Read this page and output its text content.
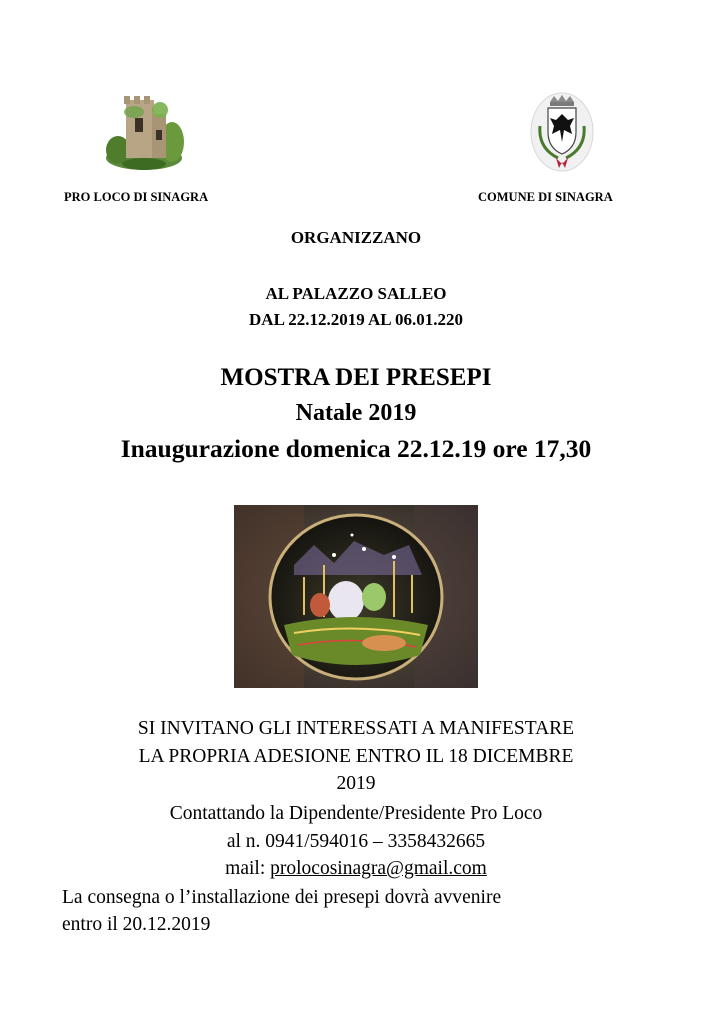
PRO LOCO DI SINAGRA	COMUNE DI SINAGRA
ORGANIZZANO
AL PALAZZO SALLEO
DAL 22.12.2019 AL 06.01.220
MOSTRA DEI PRESEPI
Natale 2019
Inaugurazione domenica 22.12.19 ore 17,30
SI INVITANO GLI INTERESSATI A MANIFESTARE
LA PROPRIA ADESIONE ENTRO IL 18 DICEMBRE
2019
Contattando la Dipendente/Presidente Pro Loco
al n. 0941/594016 – 3358432665
mail: prolocosinagra@gmail.com
La consegna o l’installazione dei presepi dovrà avvenire
entro il 20.12.2019
